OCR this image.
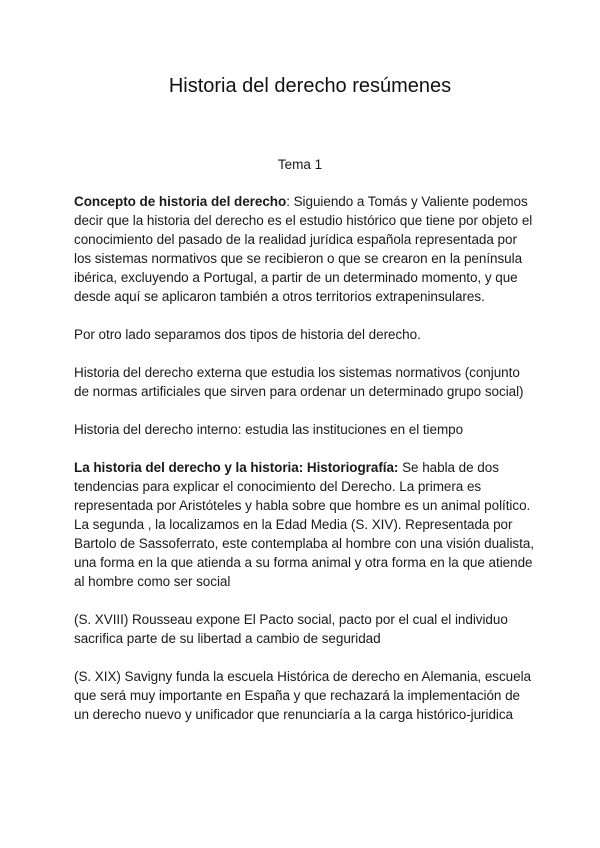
Historia del derecho resúmenes

Tema 1

Concepto de historia del derecho: Siguiendo a Tomás y Valiente podemos decir que la historia del derecho es el estudio histórico que tiene por objeto el conocimiento del pasado de la realidad jurídica española representada por los sistemas normativos que se recibieron o que se crearon en la península ibérica, excluyendo a Portugal, a partir de un determinado momento, y que desde aquí se aplicaron también a otros territorios extrapeninsulares.

Por otro lado separamos dos tipos de historia del derecho.

Historia del derecho externa que estudia los sistemas normativos (conjunto de normas artificiales que sirven para ordenar un determinado grupo social)

Historia del derecho interno: estudia las instituciones en el tiempo

La historia del derecho y la historia: Historiografía: Se habla de dos tendencias para explicar el conocimiento del Derecho. La primera es representada por Aristóteles y habla sobre que hombre es un animal político. La segunda , la localizamos en la Edad Media (S. XIV). Representada por Bartolo de Sassoferrato, este contemplaba al hombre con una visión dualista, una forma en la que atienda a su forma animal y otra forma en la que atiende al hombre como ser social

(S. XVIII) Rousseau expone El Pacto social, pacto por el cual el individuo sacrifica parte de su libertad a cambio de seguridad

(S. XIX) Savigny funda la escuela Histórica de derecho en Alemania, escuela que será muy importante en España y que rechazará la implementación de un derecho nuevo y unificador que renunciaría a la carga histórico-juridica
